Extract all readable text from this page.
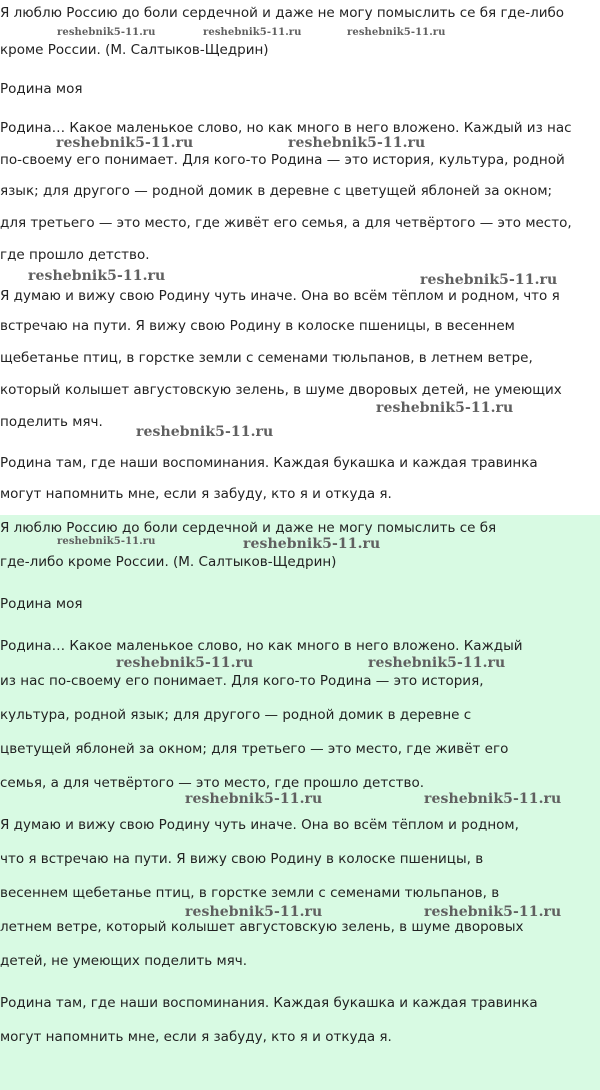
Я люблю Россию до боли сердечной и даже не могу помыслить се бя где-либо
кроме России. (М. Салтыков-Щедрин)
Родина моя
Родина… Какое маленькое слово, но как много в него вложено. Каждый из нас
по-своему его понимает. Для кого-то Родина — это история, культура, родной
язык; для другого — родной домик в деревне с цветущей яблоней за окном;
для третьего — это место, где живёт его семья, а для четвёртого — это место,
где прошло детство.
Я думаю и вижу свою Родину чуть иначе. Она во всём тёплом и родном, что я
встречаю на пути. Я вижу свою Родину в колоске пшеницы, в весеннем
щебетанье птиц, в горстке земли с семенами тюльпанов, в летнем ветре,
который колышет августовскую зелень, в шуме дворовых детей, не умеющих
поделить мяч.
Родина там, где наши воспоминания. Каждая букашка и каждая травинка
могут напомнить мне, если я забуду, кто я и откуда я.
Я люблю Россию до боли сердечной и даже не могу помыслить се бя
где-либо кроме России. (М. Салтыков-Щедрин)
Родина моя
Родина… Какое маленькое слово, но как много в него вложено. Каждый
из нас по-своему его понимает. Для кого-то Родина — это история,
культура, родной язык; для другого — родной домик в деревне с
цветущей яблоней за окном; для третьего — это место, где живёт его
семья, а для четвёртого — это место, где прошло детство.
Я думаю и вижу свою Родину чуть иначе. Она во всём тёплом и родном,
что я встречаю на пути. Я вижу свою Родину в колоске пшеницы, в
весеннем щебетанье птиц, в горстке земли с семенами тюльпанов, в
летнем ветре, который колышет августовскую зелень, в шуме дворовых
детей, не умеющих поделить мяч.
Родина там, где наши воспоминания. Каждая букашка и каждая травинка
могут напомнить мне, если я забуду, кто я и откуда я.
reshebnik5-11.ru	reshebnik5-11.ru	reshebnik5-11.ru
reshebnik5-11.ru	reshebnik5-11.ru
reshebnik5-11.ru	reshebnik5-11.ru
reshebnik5-11.ru
reshebnik5-11.ru
reshebnik5-11.ru	reshebnik5-11.ru
reshebnik5-11.ru	reshebnik5-11.ru
reshebnik5-11.ru	reshebnik5-11.ru
reshebnik5-11.ru	reshebnik5-11.ru
